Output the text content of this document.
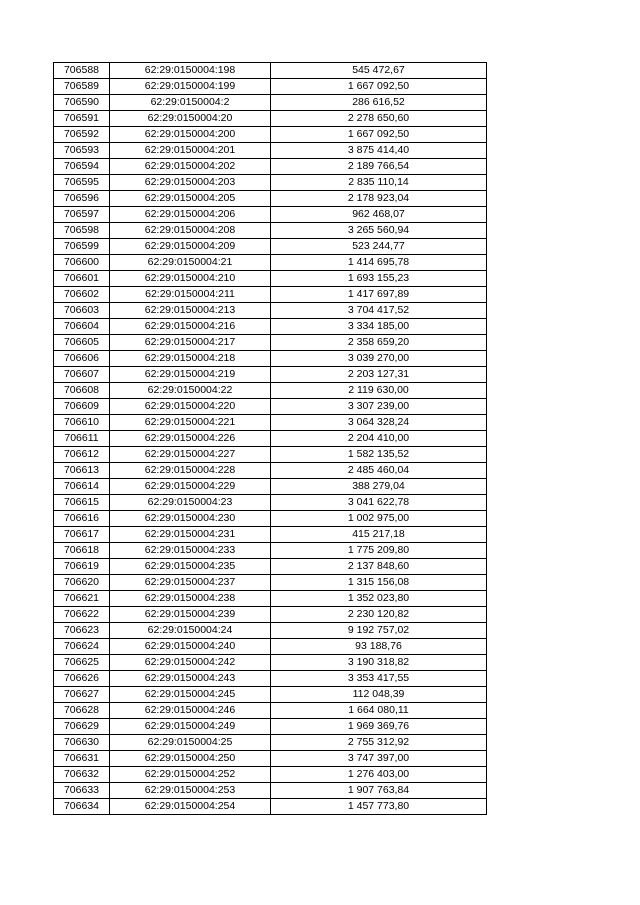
706588	62:29:0150004:198	545 472,67
706589	62:29:0150004:199	1 667 092,50
706590	62:29:0150004:2	286 616,52
706591	62:29:0150004:20	2 278 650,60
706592	62:29:0150004:200	1 667 092,50
706593	62:29:0150004:201	3 875 414,40
706594	62:29:0150004:202	2 189 766,54
706595	62:29:0150004:203	2 835 110,14
706596	62:29:0150004:205	2 178 923,04
706597	62:29:0150004:206	962 468,07
706598	62:29:0150004:208	3 265 560,94
706599	62:29:0150004:209	523 244,77
706600	62:29:0150004:21	1 414 695,78
706601	62:29:0150004:210	1 693 155,23
706602	62:29:0150004:211	1 417 697,89
706603	62:29:0150004:213	3 704 417,52
706604	62:29:0150004:216	3 334 185,00
706605	62:29:0150004:217	2 358 659,20
706606	62:29:0150004:218	3 039 270,00
706607	62:29:0150004:219	2 203 127,31
706608	62:29:0150004:22	2 119 630,00
706609	62:29:0150004:220	3 307 239,00
706610	62:29:0150004:221	3 064 328,24
706611	62:29:0150004:226	2 204 410,00
706612	62:29:0150004:227	1 582 135,52
706613	62:29:0150004:228	2 485 460,04
706614	62:29:0150004:229	388 279,04
706615	62:29:0150004:23	3 041 622,78
706616	62:29:0150004:230	1 002 975,00
706617	62:29:0150004:231	415 217,18
706618	62:29:0150004:233	1 775 209,80
706619	62:29:0150004:235	2 137 848,60
706620	62:29:0150004:237	1 315 156,08
706621	62:29:0150004:238	1 352 023,80
706622	62:29:0150004:239	2 230 120,82
706623	62:29:0150004:24	9 192 757,02
706624	62:29:0150004:240	93 188,76
706625	62:29:0150004:242	3 190 318,82
706626	62:29:0150004:243	3 353 417,55
706627	62:29:0150004:245	112 048,39
706628	62:29:0150004:246	1 664 080,11
706629	62:29:0150004:249	1 969 369,76
706630	62:29:0150004:25	2 755 312,92
706631	62:29:0150004:250	3 747 397,00
706632	62:29:0150004:252	1 276 403,00
706633	62:29:0150004:253	1 907 763,84
706634	62:29:0150004:254	1 457 773,80
